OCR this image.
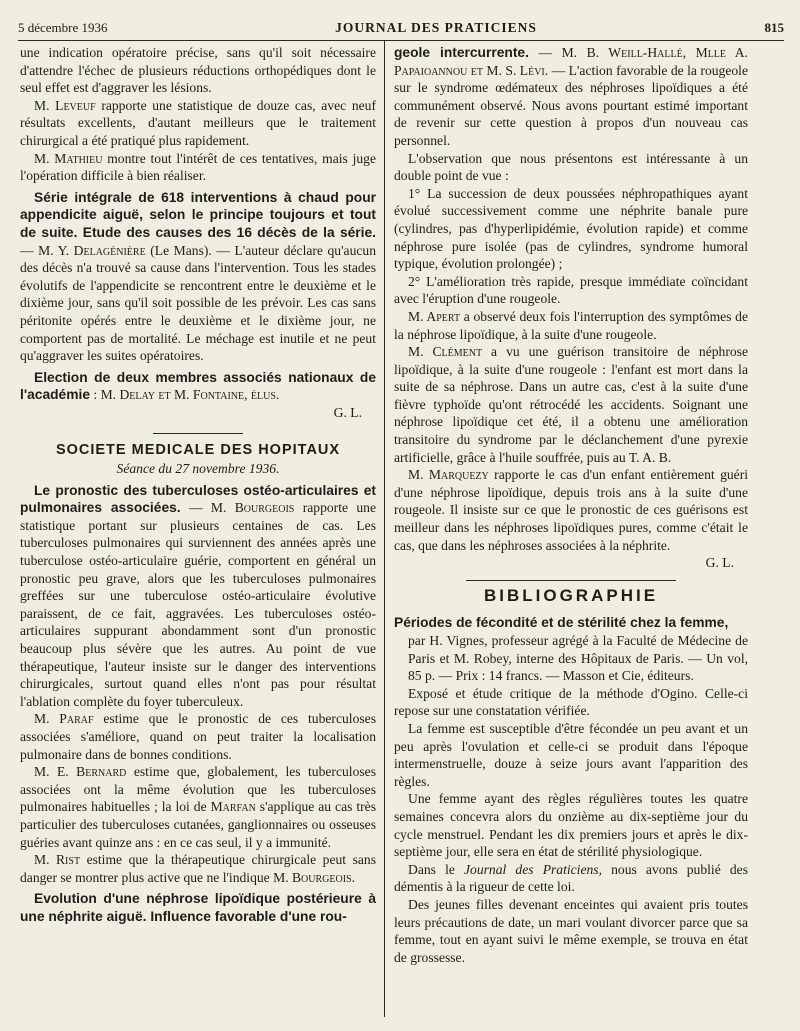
5 décembre 1936	JOURNAL DES PRATICIENS	815

une indication opératoire précise, sans qu'il soit nécessaire d'attendre l'échec de plusieurs réductions orthopédiques dont le seul effet est d'aggraver les lésions.

M. Leveuf rapporte une statistique de douze cas, avec neuf résultats excellents, d'autant meilleurs que le traitement chirurgical a été pratiqué plus rapidement.

M. Mathieu montre tout l'intérêt de ces tentatives, mais juge l'opération difficile à bien réaliser.

Série intégrale de 618 interventions à chaud pour appendicite aiguë, selon le principe toujours et tout de suite. Etude des causes des 16 décès de la série. — M. Y. Delagénière (Le Mans). — L'auteur déclare qu'aucun des décès n'a trouvé sa cause dans l'intervention. Tous les stades évolutifs de l'appendicite se rencontrent entre le deuxième et le dixième jour, sans qu'il soit possible de les prévoir. Les cas sans péritonite opérés entre le deuxième et le dixième jour, ne comportent pas de mortalité. Le méchage est inutile et ne peut qu'aggraver les suites opératoires.

Election de deux membres associés nationaux de l'académie : M. Delay et M. Fontaine, élus.

G. L.
SOCIETE MEDICALE DES HOPITAUX
Séance du 27 novembre 1936.

Le pronostic des tuberculoses ostéo-articulaires et pulmonaires associées. — M. Bourgeois rapporte une statistique portant sur plusieurs centaines de cas. Les tuberculoses pulmonaires qui surviennent des années après une tuberculose ostéo-articulaire guérie, comportent en général un pronostic peu grave, alors que les tuberculoses pulmonaires greffées sur une tuberculose ostéo-articulaire évolutive paraissent, de ce fait, aggravées. Les tuberculoses ostéo-articulaires suppurant abondamment sont d'un pronostic beaucoup plus sévère que les autres. Au point de vue thérapeutique, l'auteur insiste sur le danger des interventions chirurgicales, surtout quand elles n'ont pas pour résultat l'ablation complète du foyer tuberculeux.

M. Paraf estime que le pronostic de ces tuberculoses associées s'améliore, quand on peut traiter la localisation pulmonaire dans de bonnes conditions.

M. E. Bernard estime que, globalement, les tuberculoses associées ont la même évolution que les tuberculoses pulmonaires habituelles ; la loi de Marfan s'applique au cas très particulier des tuberculoses cutanées, ganglionnaires ou osseuses guéries avant quinze ans : en ce cas seul, il y a immunité.

M. Rist estime que la thérapeutique chirurgicale peut sans danger se montrer plus active que ne l'indique M. Bourgeois.

Evolution d'une néphrose lipoïdique postérieure à une néphrite aiguë. Influence favorable d'une rou-

geole intercurrente. — M. B. Weill-Hallé, Mlle A. Papaioannou et M. S. Lévi. — L'action favorable de la rougeole sur le syndrome œdémateux des néphroses lipoïdiques a été communément observé. Nous avons pourtant estimé important de revenir sur cette question à propos d'un nouveau cas personnel.

L'observation que nous présentons est intéressante à un double point de vue :

1° La succession de deux poussées néphropathiques ayant évolué successivement comme une néphrite banale pure (cylindres, pas d'hyperlipidémie, évolution rapide) et comme néphrose pure isolée (pas de cylindres, syndrome humoral typique, évolution prolongée) ;

2° L'amélioration très rapide, presque immédiate coïncidant avec l'éruption d'une rougeole.

M. Apert a observé deux fois l'interruption des symptômes de la néphrose lipoïdique, à la suite d'une rougeole.

M. Clément a vu une guérison transitoire de néphrose lipoïdique, à la suite d'une rougeole : l'enfant est mort dans la suite de sa néphrose. Dans un autre cas, c'est à la suite d'une fièvre typhoïde qu'ont rétrocédé les accidents. Soignant une néphrose lipoïdique cet été, il a obtenu une amélioration transitoire du syndrome par le déclanchement d'une pyrexie artificielle, grâce à l'huile souffrée, puis au T. A. B.

M. Marquezy rapporte le cas d'un enfant entièrement guéri d'une néphrose lipoïdique, depuis trois ans à la suite d'une rougeole. Il insiste sur ce que le pronostic de ces guérisons est meilleur dans les néphroses lipoïdiques pures, comme c'était le cas, que dans les néphroses associées à la néphrite.

G. L.
BIBLIOGRAPHIE

Périodes de fécondité et de stérilité chez la femme,

par H. Vignes, professeur agrégé à la Faculté de Médecine de Paris et M. Robey, interne des Hôpitaux de Paris. — Un vol, 85 p. — Prix : 14 francs. — Masson et Cie, éditeurs.

Exposé et étude critique de la méthode d'Ogino. Celle-ci repose sur une constatation vérifiée.

La femme est susceptible d'être fécondée un peu avant et un peu après l'ovulation et celle-ci se produit dans l'époque intermenstruelle, douze à seize jours avant l'apparition des règles.

Une femme ayant des règles régulières toutes les quatre semaines concevra alors du onzième au dix-septième jour du cycle menstruel. Pendant les dix premiers jours et après le dix-septième jour, elle sera en état de stérilité physiologique.

Dans le Journal des Praticiens, nous avons publié des démentis à la rigueur de cette loi.

Des jeunes filles devenant enceintes qui avaient pris toutes leurs précautions de date, un mari voulant divorcer parce que sa femme, tout en ayant suivi le même exemple, se trouva en état de grossesse.
